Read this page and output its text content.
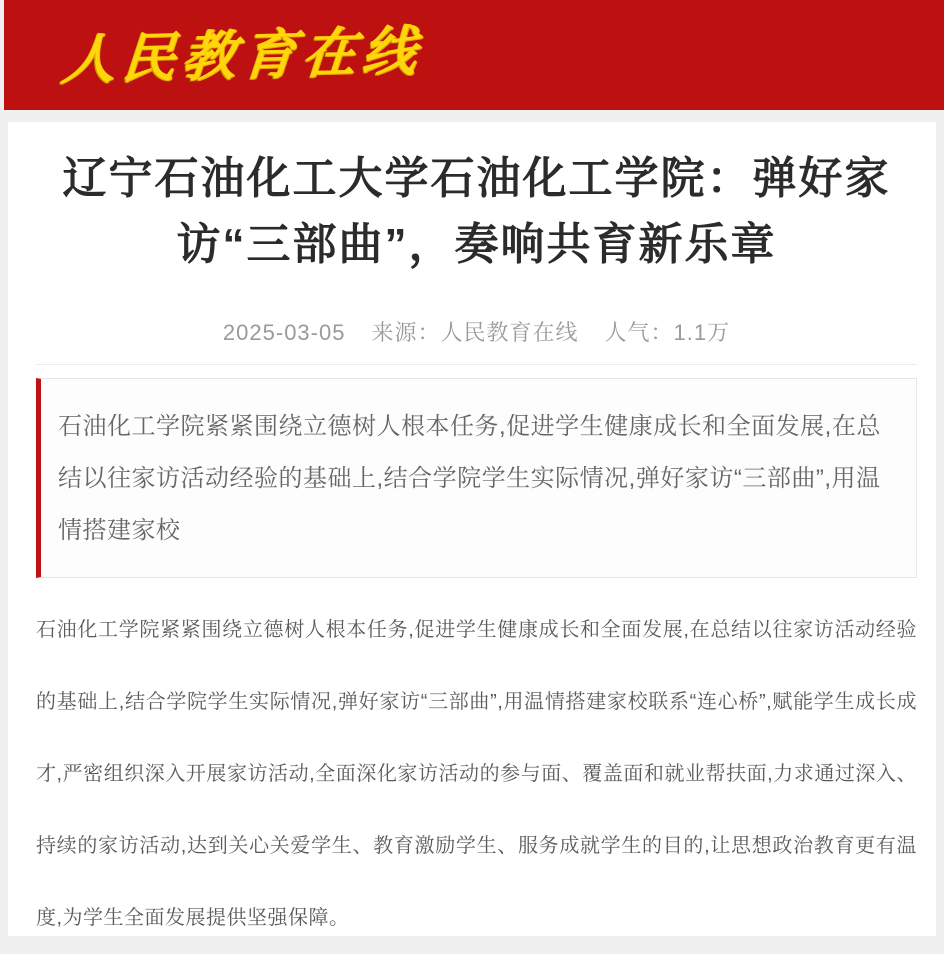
人民教育在线
辽宁石油化工大学石油化工学院：弹好家访“三部曲”，奏响共育新乐章
2025-03-05 来源：人民教育在线 人气：1.1万

石油化工学院紧紧围绕立德树人根本任务,促进学生健康成长和全面发展,在总结以往家访活动经验的基础上,结合学院学生实际情况,弹好家访“三部曲”,用温情搭建家校

石油化工学院紧紧围绕立德树人根本任务,促进学生健康成长和全面发展,在总结以往家访活动经验的基础上,结合学院学生实际情况,弹好家访“三部曲”,用温情搭建家校联系“连心桥”,赋能学生成长成才,严密组织深入开展家访活动,全面深化家访活动的参与面、覆盖面和就业帮扶面,力求通过深入、持续的家访活动,达到关心关爱学生、教育激励学生、服务成就学生的目的,让思想政治教育更有温度,为学生全面发展提供坚强保障。
